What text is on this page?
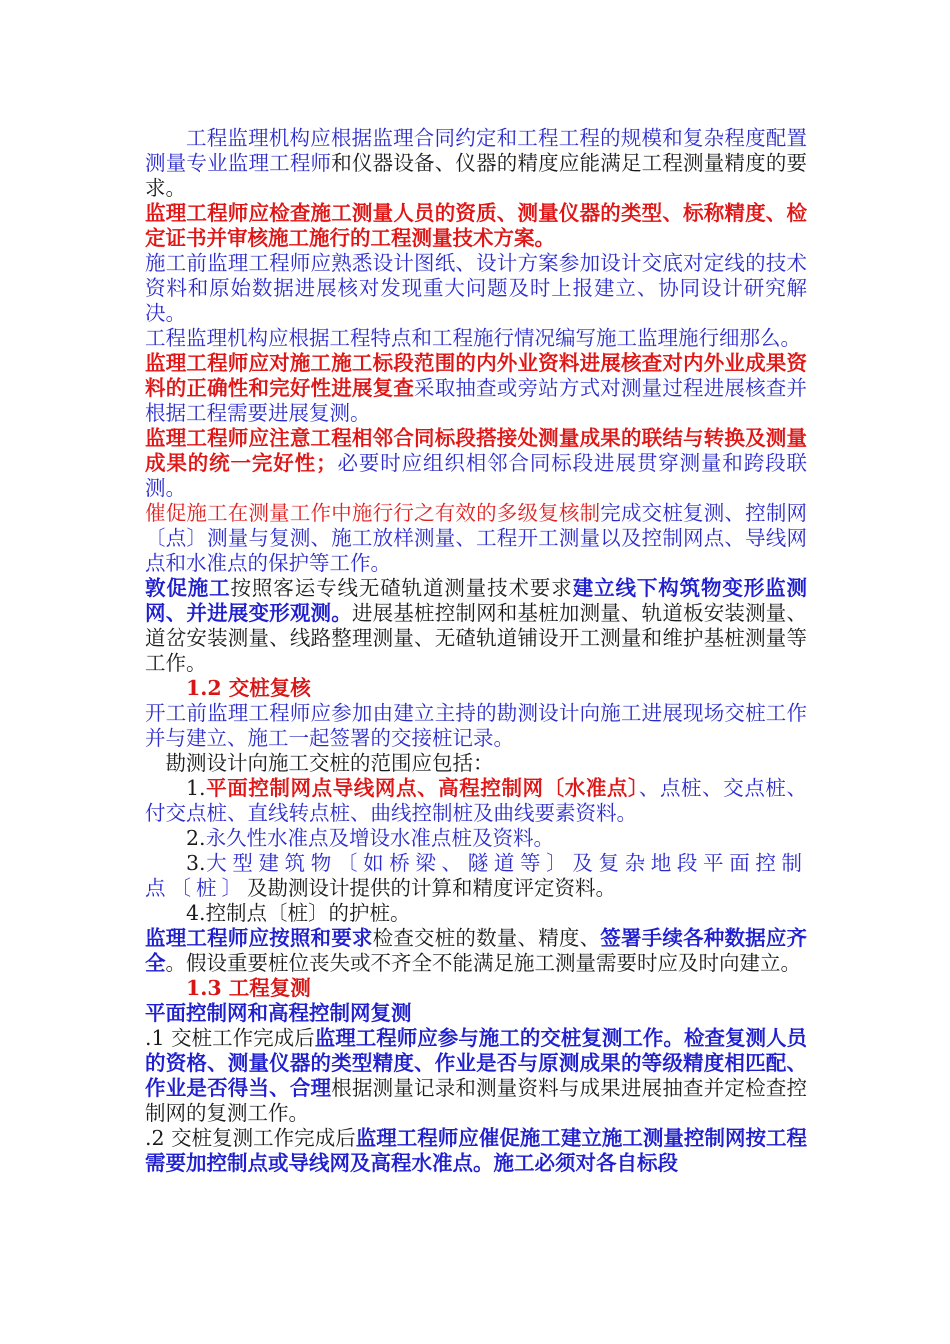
工程监理机构应根据监理合同约定和工程工程的规模和复杂程度配置测量专业监理工程师和仪器设备、仪器的精度应能满足工程测量精度的要求。

监理工程师应检查施工测量人员的资质、测量仪器的类型、标称精度、检定证书并审核施工施行的工程测量技术方案。

施工前监理工程师应熟悉设计图纸、设计方案参加设计交底对定线的技术资料和原始数据进展核对发现重大问题及时上报建立、协同设计研究解决。

工程监理机构应根据工程特点和工程施行情况编写施工监理施行细那么。

监理工程师应对施工施工标段范围的内外业资料进展核查对内外业成果资料的正确性和完好性进展复查采取抽查或旁站方式对测量过程进展核查并根据工程需要进展复测。

监理工程师应注意工程相邻合同标段搭接处测量成果的联结与转换及测量成果的统一完好性；必要时应组织相邻合同标段进展贯穿测量和跨段联测。

催促施工在测量工作中施行行之有效的多级复核制完成交桩复测、控制网〔点〕测量与复测、施工放样测量、工程开工测量以及控制网点、导线网点和水准点的保护等工作。

敦促施工按照客运专线无碴轨道测量技术要求建立线下构筑物变形监测网、并进展变形观测。进展基桩控制网和基桩加测量、轨道板安装测量、道岔安装测量、线路整理测量、无碴轨道铺设开工测量和维护基桩测量等工作。

1.2 交桩复核

开工前监理工程师应参加由建立主持的勘测设计向施工进展现场交桩工作并与建立、施工一起签署的交接桩记录。

勘测设计向施工交桩的范围应包括：

1.平面控制网点导线网点、高程控制网〔水准点〕、点桩、交点桩、付交点桩、直线转点桩、曲线控制桩及曲线要素资料。

2.永久性水准点及增设水准点桩及资料。

3.大型建筑物〔如桥梁、隧道等〕及复杂地段平面控制点〔桩〕及勘测设计提供的计算和精度评定资料。

4.控制点〔桩〕的护桩。

监理工程师应按照和要求检查交桩的数量、精度、签署手续各种数据应齐全。假设重要桩位丧失或不齐全不能满足施工测量需要时应及时向建立。

1.3 工程复测

平面控制网和高程控制网复测

.1 交桩工作完成后监理工程师应参与施工的交桩复测工作。检查复测人员的资格、测量仪器的类型精度、作业是否与原测成果的等级精度相匹配、作业是否得当、合理根据测量记录和测量资料与成果进展抽查并定检查控制网的复测工作。

.2 交桩复测工作完成后监理工程师应催促施工建立施工测量控制网按工程需要加控制点或导线网及高程水准点。施工必须对各自标段
